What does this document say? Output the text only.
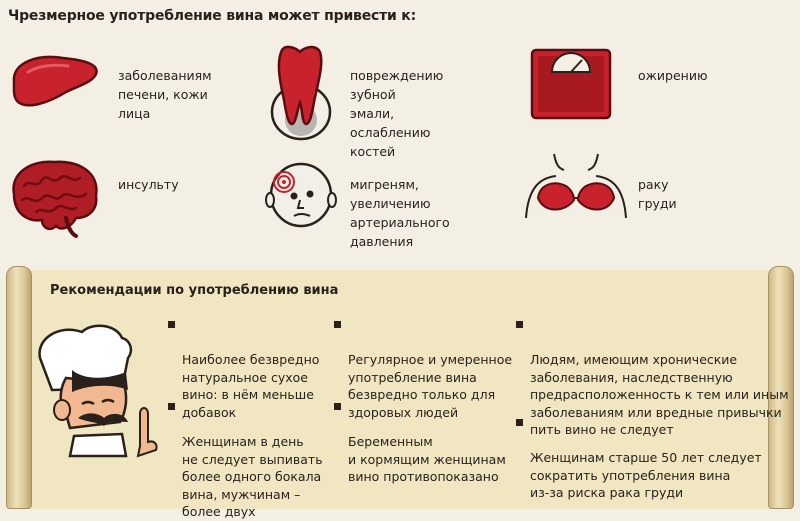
Чрезмерное употребление вина может привести к:
заболеваниям
печени, кожи лица
повреждению зубной
эмали, ослаблению
костей
ожирению
инсульту	мигреням, увеличению
артериального давления
раку груди
Рекомендации по употреблению вина

Наиболее безвредно
натуральное сухое
вино: в нём меньше
добавок

Женщинам в день
не следует выпивать
более одного бокала
вина, мужчинам –
более двух

Регулярное и умеренное
употребление вина
безвредно только для
здоровых людей

Беременным
и кормящим женщинам
вино противопоказано

Людям, имеющим хронические
заболевания, наследственную
предрасположенность к тем или иным
заболеваниям или вредные привычки
пить вино не следует

Женщинам старше 50 лет следует
сократить употребления вина
из-за риска рака груди
